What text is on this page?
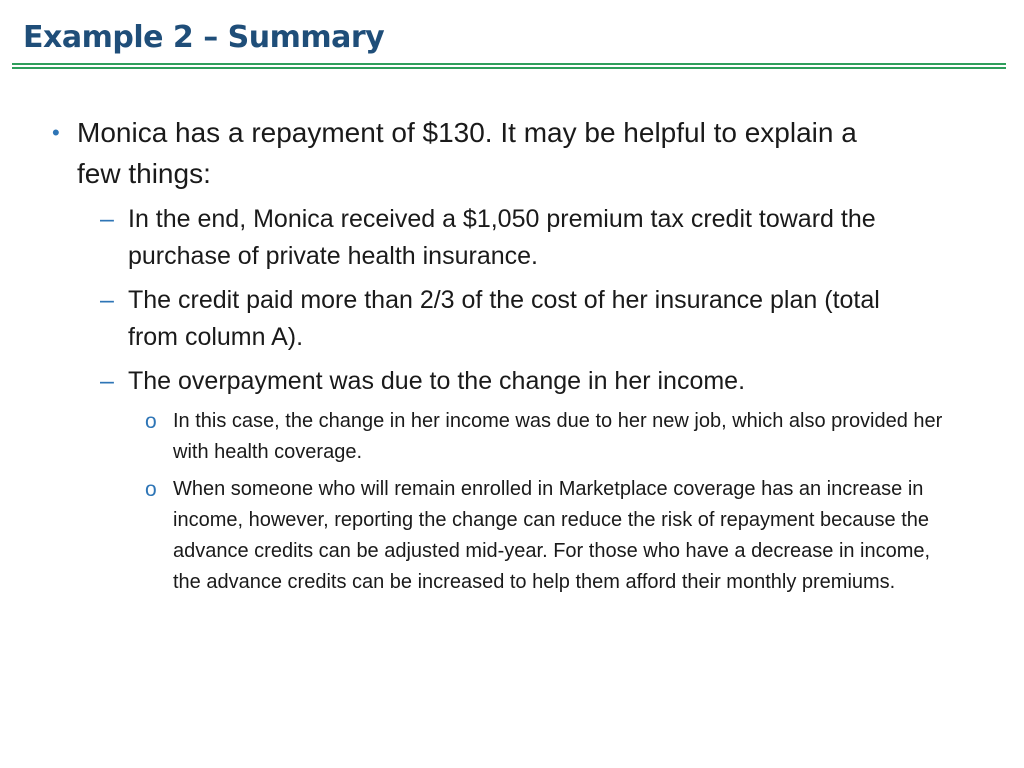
Example 2 – Summary
• Monica has a repayment of $130. It may be helpful to explain a few things:
– In the end, Monica received a $1,050 premium tax credit toward the purchase of private health insurance.
– The credit paid more than 2/3 of the cost of her insurance plan (total from column A).
– The overpayment was due to the change in her income.
o In this case, the change in her income was due to her new job, which also provided her with health coverage.
o When someone who will remain enrolled in Marketplace coverage has an increase in income, however, reporting the change can reduce the risk of repayment because the advance credits can be adjusted mid-year. For those who have a decrease in income, the advance credits can be increased to help them afford their monthly premiums.
